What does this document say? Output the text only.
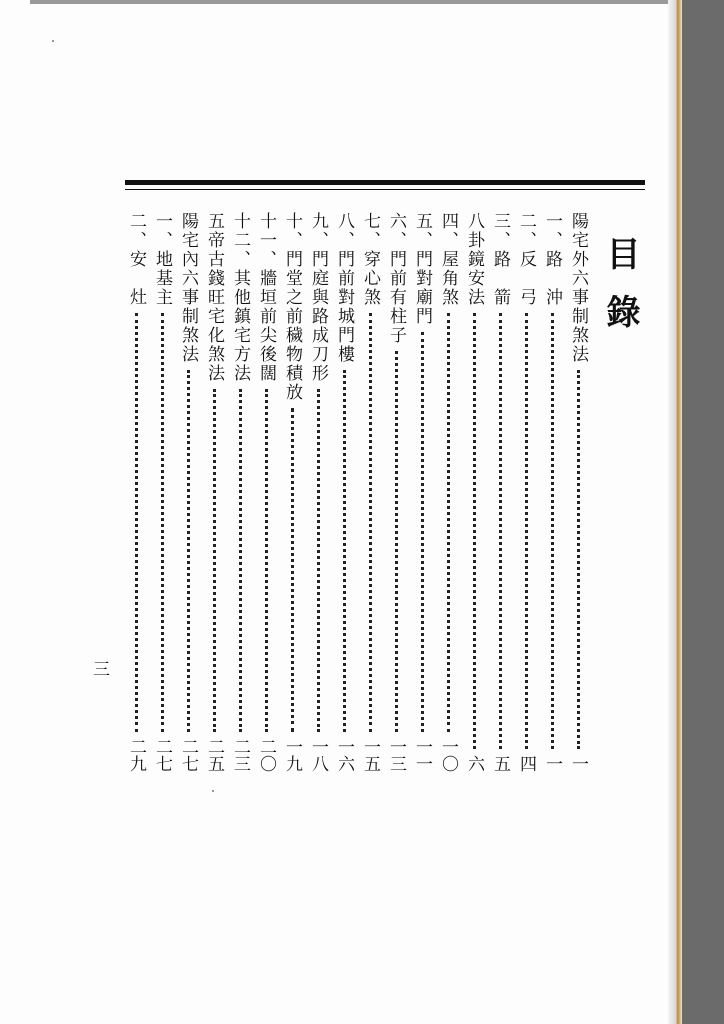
目錄
陽宅外六事制煞法
一
一、路　沖
一
二、反　弓
四
三、路　箭
五
八卦鏡安法
六
四、屋角煞
一〇
五、門對廟門
一一
六、門前有柱子
一三
七、穿心煞
一五
八、門前對城門樓
一六
九、門庭與路成刀形
一八
十、門堂之前穢物積放
一九
十一、牆垣前尖後闊
二〇
十二、其他鎮宅方法
二三
五帝古錢旺宅化煞法
二五
陽宅內六事制煞法
二七
一、地基主
二七
二、安　灶
二九
三
